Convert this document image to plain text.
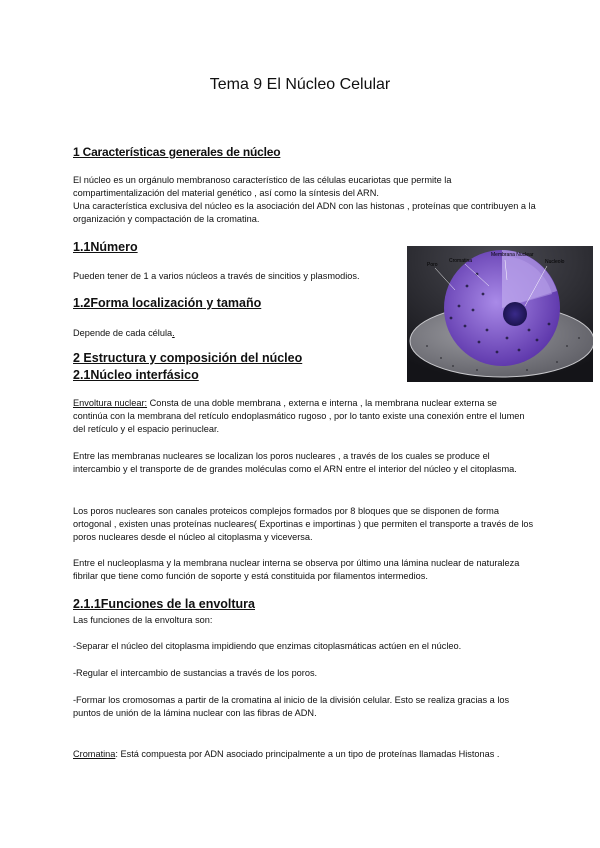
Tema 9 El Núcleo Celular
1 Características generales de núcleo
El núcleo es un orgánulo membranoso característico de las células eucariotas que permite la compartimentalización del material genético , así como la síntesis del ARN.
Una característica exclusiva del núcleo es la asociación del ADN con las histonas , proteínas que contribuyen a la organización y compactación de la cromatina.
1.1Número
Pueden tener de 1 a varios núcleos a través de sincitios y plasmodios.
1.2Forma localización y tamaño
Depende de cada célula.
2 Estructura y composición del núcleo
2.1Núcleo interfásico
Envoltura nuclear: Consta de una doble membrana , externa e interna , la membrana nuclear externa se continúa con la membrana del retículo endoplasmático rugoso , por lo tanto existe una conexión entre el lumen del retículo y el espacio perinuclear.
Entre las membranas nucleares se localizan los poros nucleares , a través de los cuales se produce el intercambio y el transporte de de grandes moléculas como el ARN entre el interior del núcleo y el citoplasma.
Los poros nucleares son canales proteicos complejos formados por 8 bloques que se disponen de forma ortogonal , existen unas proteínas nucleares( Exportinas e importinas ) que permiten el transporte a través de los poros nucleares desde el núcleo al citoplasma y viceversa.
Entre el nucleoplasma y la membrana nuclear interna se observa por último una lámina nuclear de naturaleza fibrilar que tiene como función de soporte y está constituida por filamentos intermedios.
2.1.1Funciones de la envoltura
Las funciones de la envoltura son:
-Separar el núcleo del citoplasma impidiendo que enzimas citoplasmáticas actúen en el núcleo.
-Regular el intercambio de sustancias a través de los poros.
-Formar los cromosomas a partir de la cromatina al inicio de la división celular. Esto se realiza gracias a los puntos de unión de la lámina nuclear con las fibras de ADN.
Cromatina: Está compuesta por ADN asociado principalmente a un tipo de proteínas llamadas Histonas .
Poro
Cromatina
Membrana Nuclear
Nucleolo
